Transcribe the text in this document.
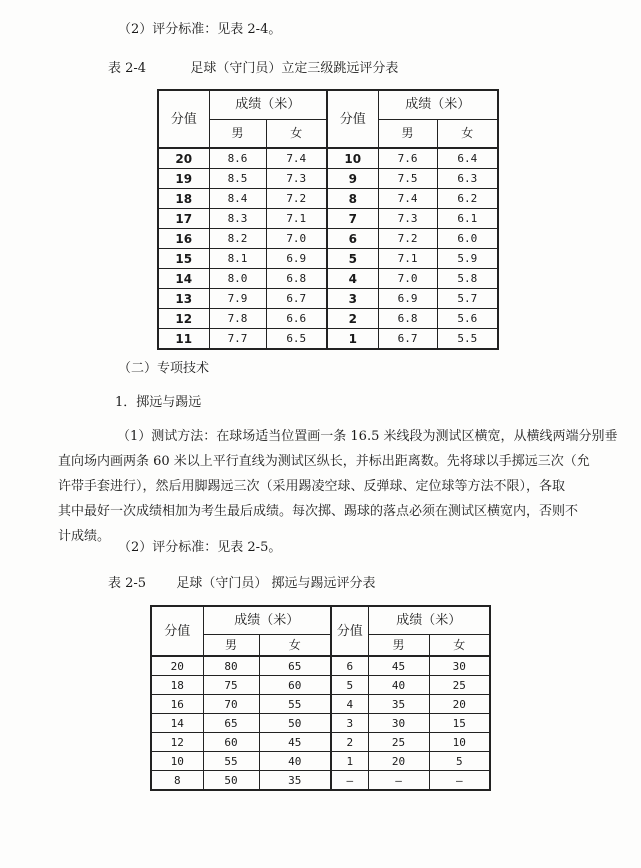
（2）评分标准：见表 2-4。
表 2-4	足球（守门员）立定三级跳远评分表
分值	成绩（米）		分值	成绩（米）	
	男	女		男	女
20	8.6	7.4	10	7.6	6.4
19	8.5	7.3	9	7.5	6.3
18	8.4	7.2	8	7.4	6.2
17	8.3	7.1	7	7.3	6.1
16	8.2	7.0	6	7.2	6.0
15	8.1	6.9	5	7.1	5.9
14	8.0	6.8	4	7.0	5.8
13	7.9	6.7	3	6.9	5.7
12	7.8	6.6	2	6.8	5.6
11	7.7	6.5	1	6.7	5.5
（二）专项技术
1．掷远与踢远

（1）测试方法：在球场适当位置画一条 16.5 米线段为测试区横宽，从横线两端分别垂

直向场内画两条 60 米以上平行直线为测试区纵长，并标出距离数。先将球以手掷远三次（允

许带手套进行），然后用脚踢远三次（采用踢凌空球、反弹球、定位球等方法不限），各取

其中最好一次成绩相加为考生最后成绩。每次掷、踢球的落点必须在测试区横宽内，否则不

计成绩。

（2）评分标准：见表 2-5。
表 2-5 足球（守门员） 掷远与踢远评分表
分值	成绩（米）		分值	成绩（米）	
	男	女		男	女
20	80	65	6	45	30
18	75	60	5	40	25
16	70	55	4	35	20
14	65	50	3	30	15
12	60	45	2	25	10
10	55	40	1	20	5
8	50	35	—	—	—
